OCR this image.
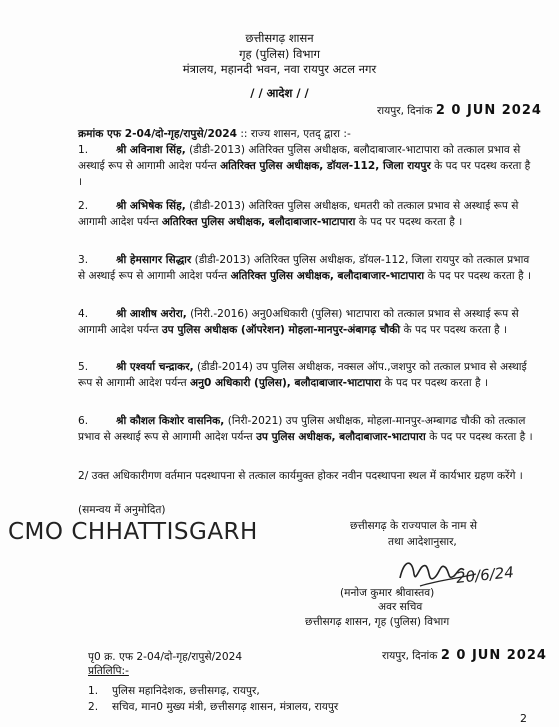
छत्तीसगढ़ शासन
गृह (पुलिस) विभाग
मंत्रालय, महानदी भवन, नवा रायपुर अटल नगर
/ / आदेश / /
रायपुर, दिनांक 2 0 JUN 2024
क्रमांक एफ 2-04/दो-गृह/रापुसे/2024 :: राज्य शासन, एतद् द्वारा :-
1.	श्री अविनाश सिंह, (डीडी-2013) अतिरिक्त पुलिस अधीक्षक, बलौदाबाजार-भाटापारा को तत्काल प्रभाव से अस्थाई रूप से आगामी आदेश पर्यन्त अतिरिक्त पुलिस अधीक्षक, डॉयल-112, जिला रायपुर के पद पर पदस्थ करता है ।
2.	श्री अभिषेक सिंह, (डीडी-2013) अतिरिक्त पुलिस अधीक्षक, धमतरी को तत्काल प्रभाव से अस्थाई रूप से आगामी आदेश पर्यन्त अतिरिक्त पुलिस अधीक्षक, बलौदाबाजार-भाटापारा के पद पर पदस्थ करता है ।
3.	श्री हेमसागर सिद्धार (डीडी-2013) अतिरिक्त पुलिस अधीक्षक, डॉयल-112, जिला रायपुर को तत्काल प्रभाव से अस्थाई रूप से आगामी आदेश पर्यन्त अतिरिक्त पुलिस अधीक्षक, बलौदाबाजार-भाटापारा के पद पर पदस्थ करता है ।
4.	श्री आशीष अरोरा, (निरी.-2016) अनु0अधिकारी (पुलिस) भाटापारा को तत्काल प्रभाव से अस्थाई रूप से आगामी आदेश पर्यन्त उप पुलिस अधीक्षक (ऑपरेशन) मोहला-मानपुर-अंबागढ़ चौकी के पद पर पदस्थ करता है ।
5.	श्री एश्वर्या चन्द्राकर, (डीडी-2014) उप पुलिस अधीक्षक, नक्सल ऑप.,जशपुर को तत्काल प्रभाव से अस्थाई रूप से आगामी आदेश पर्यन्त अनु0 अधिकारी (पुलिस), बलौदाबाजार-भाटापारा के पद पर पदस्थ करता है ।
6.	श्री कौशल किशोर वासनिक, (निरी-2021) उप पुलिस अधीक्षक, मोहला-मानपुर-अम्बागढ चौकी को तत्काल प्रभाव से अस्थाई रूप से आगामी आदेश पर्यन्त उप पुलिस अधीक्षक, बलौदाबाजार-भाटापारा के पद पर पदस्थ करता है ।
2/ उक्त अधिकारीगण वर्तमान पदस्थापना से तत्काल कार्यमुक्त होकर नवीन पदस्थापना स्थल में कार्यभार ग्रहण करेंगे ।
(समन्वय में अनुमोदित)
CMO CHHATTISGARH	छत्तीसगढ़ के राज्यपाल के नाम से
तथा आदेशानुसार,
20/6/24
(मनोज कुमार श्रीवास्तव)
अवर सचिव
छत्तीसगढ़ शासन, गृह (पुलिस) विभाग
पृ0 क्र. एफ 2-04/दो-गृह/रापुसे/2024	रायपुर, दिनांक 2 0 JUN 2024
प्रतिलिपि:-
1. पुलिस महानिदेशक, छत्तीसगढ़, रायपुर,
2. सचिव, मान0 मुख्य मंत्री, छत्तीसगढ़ शासन, मंत्रालय, रायपुर
2
